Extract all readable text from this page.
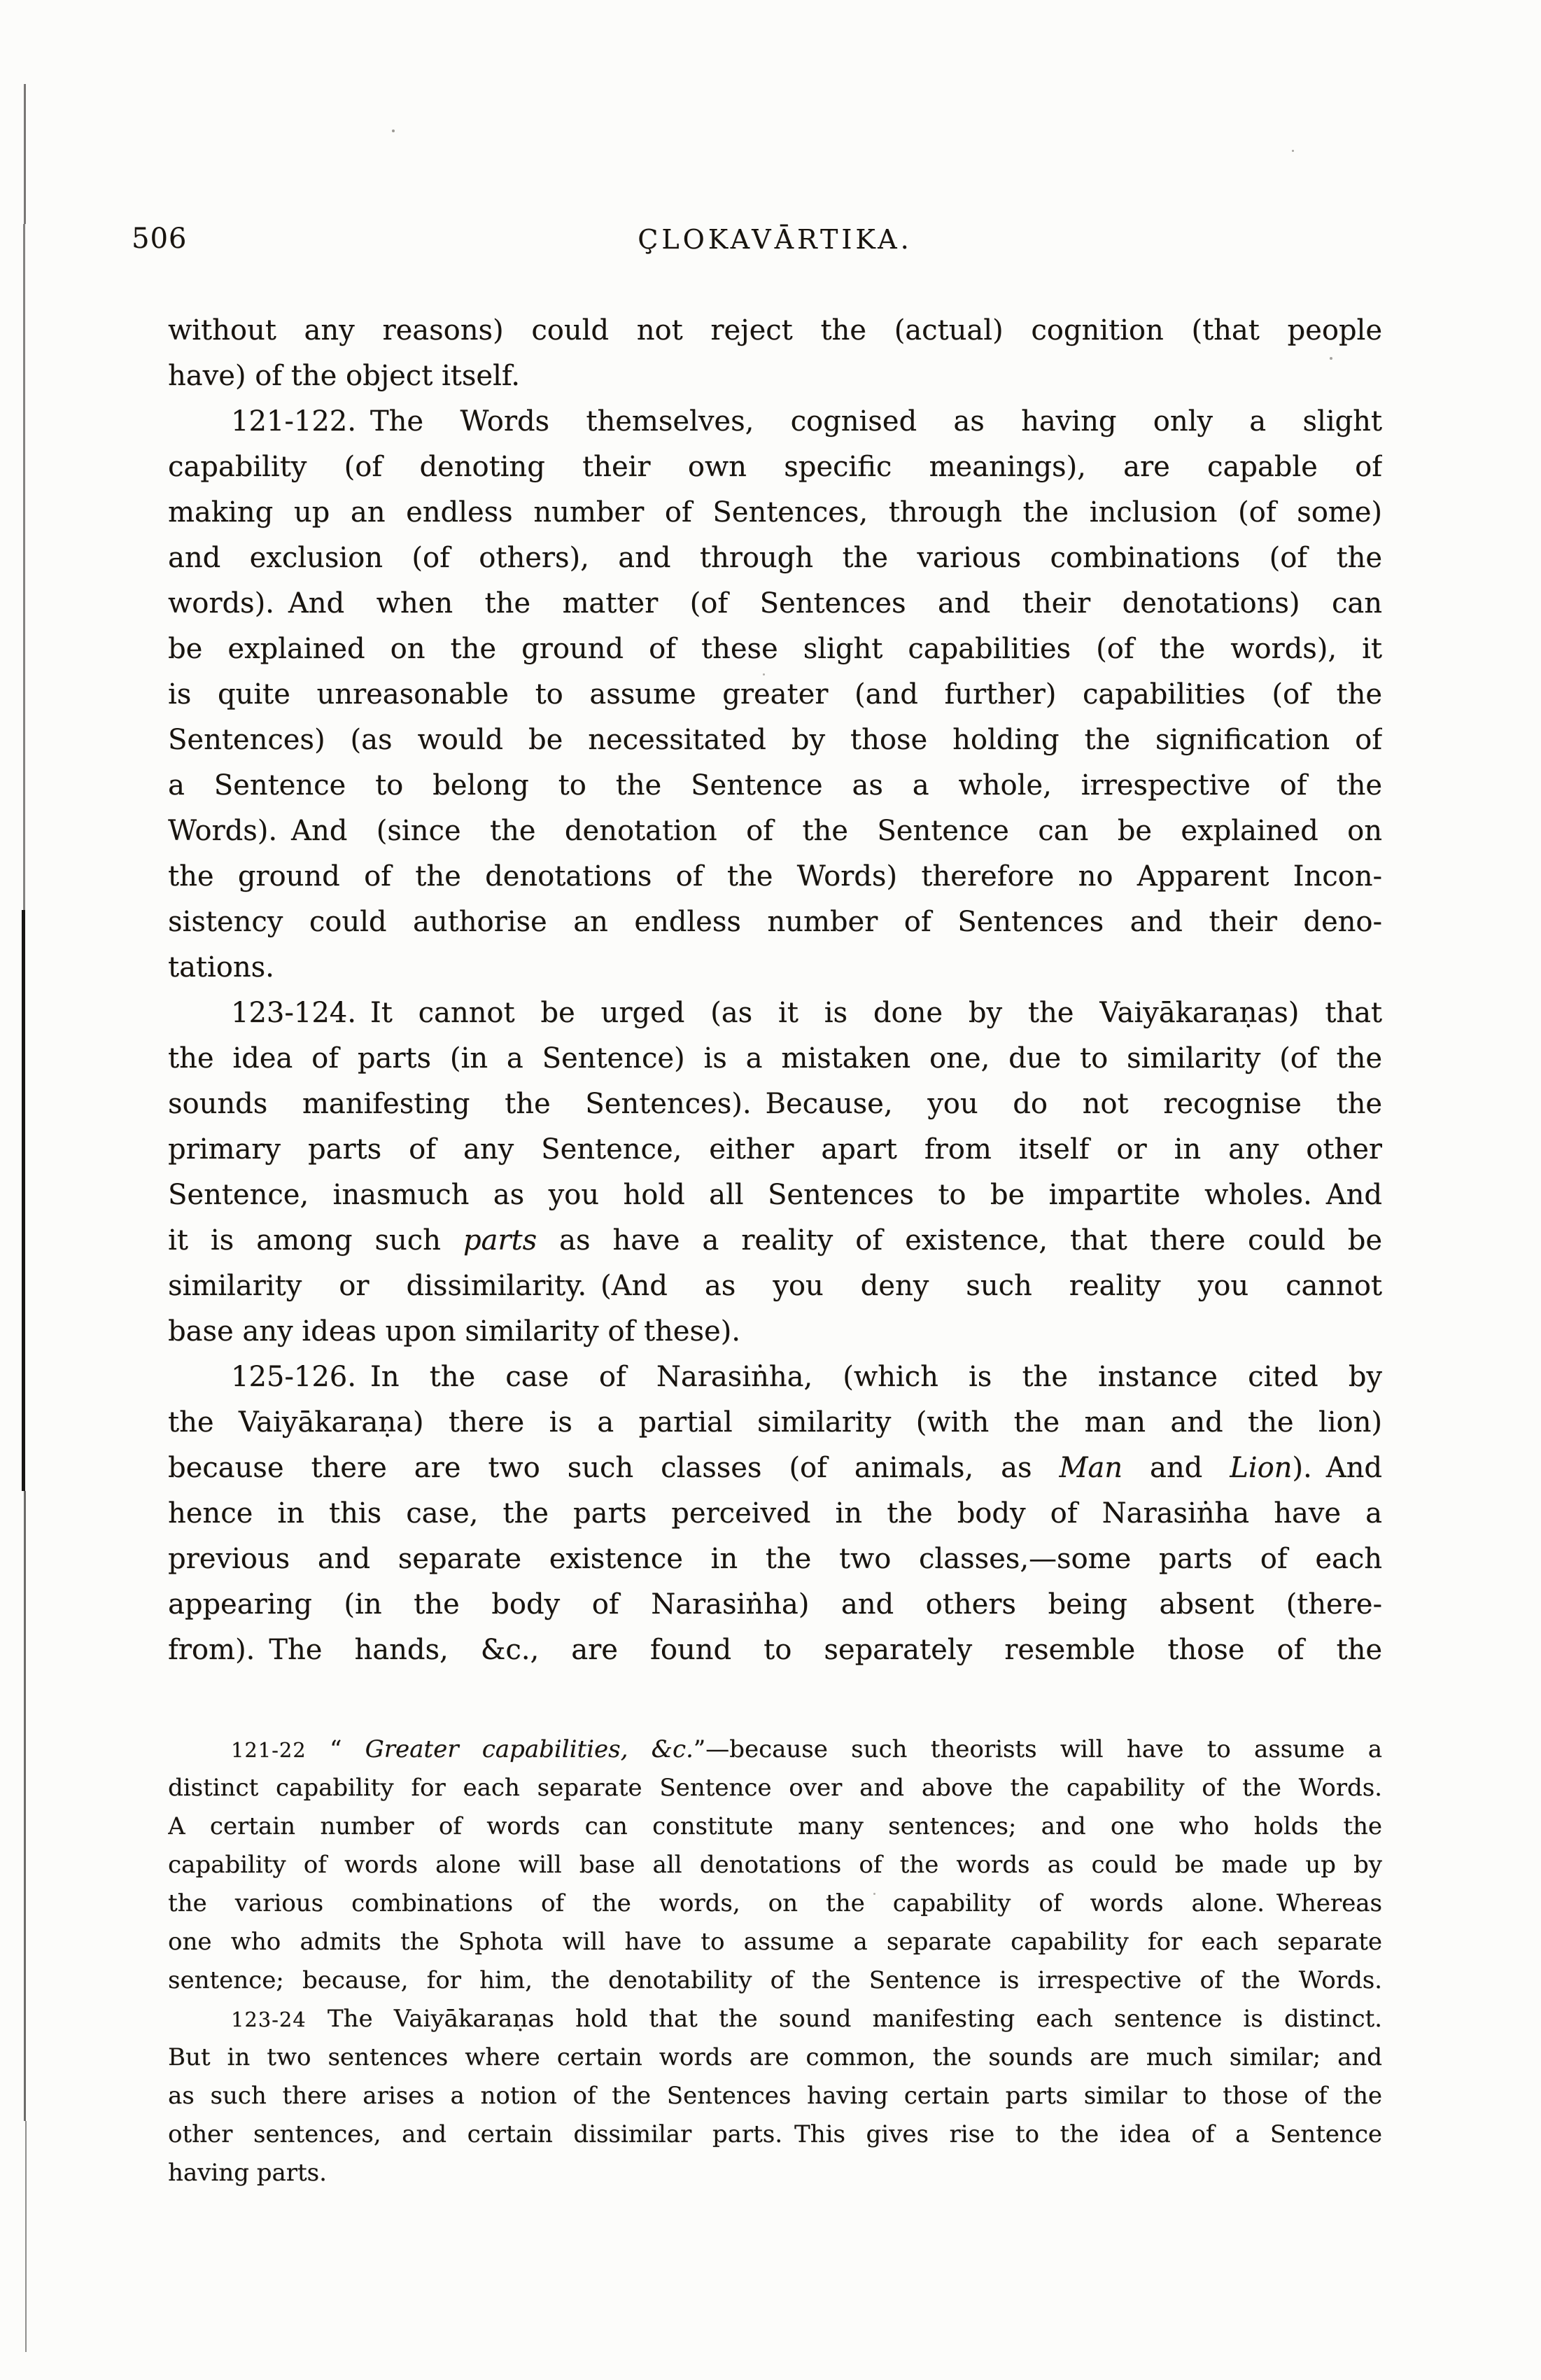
506	ÇLOKAVĀRTIKA.
without any reasons) could not reject the (actual) cognition (that people
have) of the object itself.
121-122. The Words themselves, cognised as having only a slight
capability (of denoting their own specific meanings), are capable of
making up an endless number of Sentences, through the inclusion (of some)
and exclusion (of others), and through the various combinations (of the
words). And when the matter (of Sentences and their denotations) can
be explained on the ground of these slight capabilities (of the words), it
is quite unreasonable to assume greater (and further) capabilities (of the
Sentences) (as would be necessitated by those holding the signification of
a Sentence to belong to the Sentence as a whole, irrespective of the
Words). And (since the denotation of the Sentence can be explained on
the ground of the denotations of the Words) therefore no Apparent Incon-
sistency could authorise an endless number of Sentences and their deno-
tations.
123-124. It cannot be urged (as it is done by the Vaiyākaraṇas) that
the idea of parts (in a Sentence) is a mistaken one, due to similarity (of the
sounds manifesting the Sentences). Because, you do not recognise the
primary parts of any Sentence, either apart from itself or in any other
Sentence, inasmuch as you hold all Sentences to be impartite wholes. And
it is among such parts as have a reality of existence, that there could be
similarity or dissimilarity. (And as you deny such reality you cannot
base any ideas upon similarity of these).
125-126. In the case of Narasiṅha, (which is the instance cited by
the Vaiyākaraṇa) there is a partial similarity (with the man and the lion)
because there are two such classes (of animals, as Man and Lion). And
hence in this case, the parts perceived in the body of Narasiṅha have a
previous and separate existence in the two classes,—some parts of each
appearing (in the body of Narasiṅha) and others being absent (there-
from). The hands, &c., are found to separately resemble those of the
121-22 “ Greater capabilities, &c.”—because such theorists will have to assume a
distinct capability for each separate Sentence over and above the capability of the Words.
A certain number of words can constitute many sentences; and one who holds the
capability of words alone will base all denotations of the words as could be made up by
the various combinations of the words, on the capability of words alone. Whereas
one who admits the Sphota will have to assume a separate capability for each separate
sentence; because, for him, the denotability of the Sentence is irrespective of the Words.
123-24 The Vaiyākaraṇas hold that the sound manifesting each sentence is distinct.
But in two sentences where certain words are common, the sounds are much similar; and
as such there arises a notion of the Sentences having certain parts similar to those of the
other sentences, and certain dissimilar parts. This gives rise to the idea of a Sentence
having parts.
